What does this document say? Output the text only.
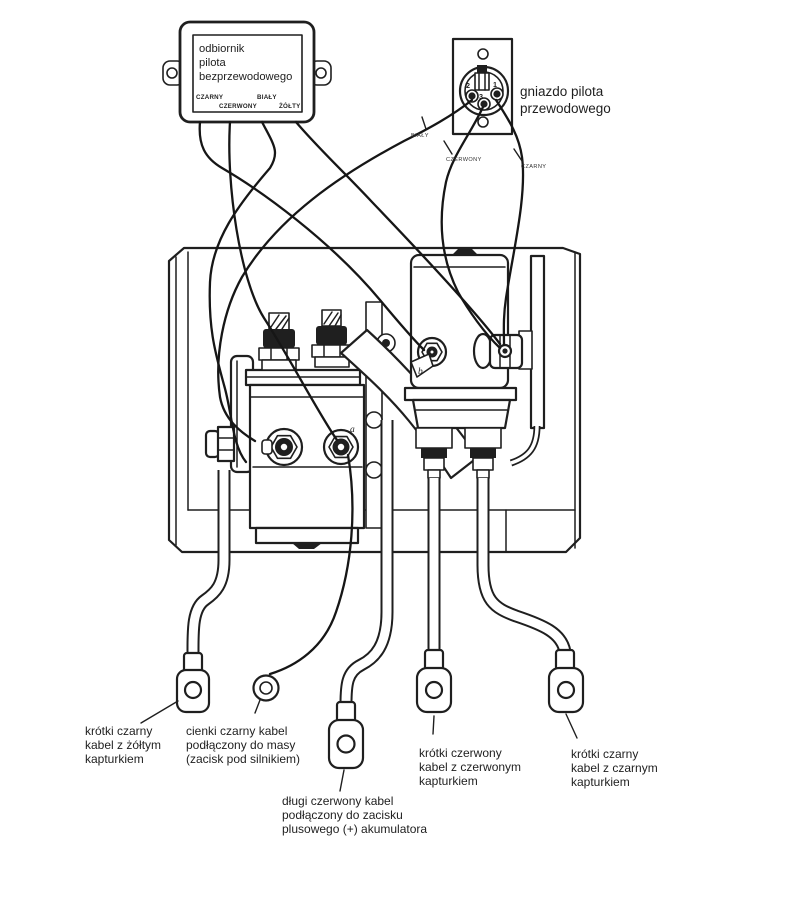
b
a
odbiornik
pilota
bezprzewodowego
CZARNY
CZERWONY
BIAŁY
ŻÓŁTY
2	1
3	gniazdo pilota
przewodowego
BIAŁY
CZERWONY
CZARNY
krótki czarny
kabel z żółtym
kapturkiem
cienki czarny kabel
podłączony do masy
(zacisk pod silnikiem)
długi czerwony kabel
podłączony do zacisku
plusowego (+) akumulatora
krótki czerwony
kabel z czerwonym
kapturkiem
krótki czarny
kabel z czarnym
kapturkiem
